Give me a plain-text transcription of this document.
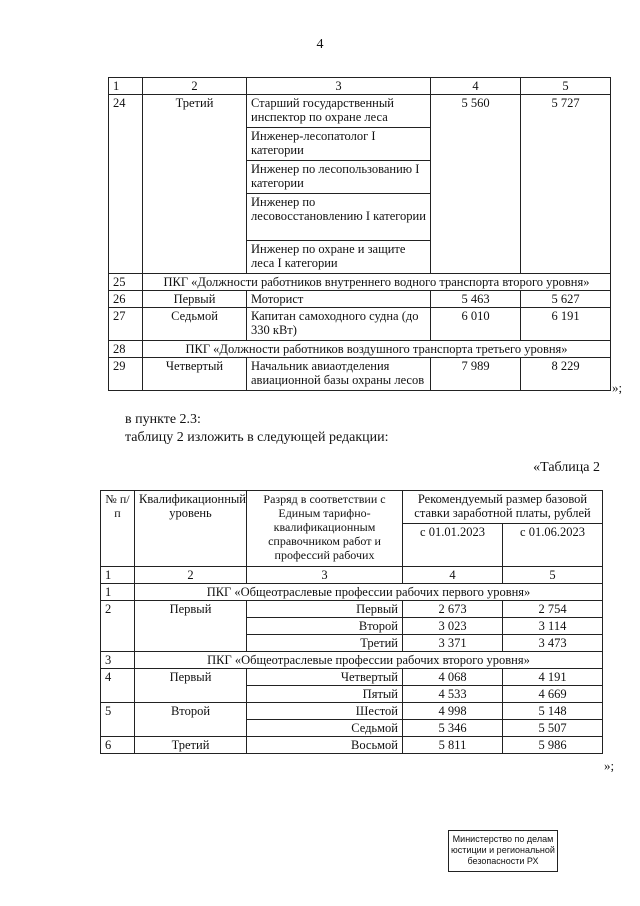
4
1	2	3	4	5
24	Третий	Старший государственный инспектор по охране леса	5 560	5 727
		Инженер-лесопатолог I категории		
		Инженер по лесопользованию I категории		
		Инженер по лесовосстановлению I категории		
		Инженер по охране и защите леса I категории		
25	ПКГ «Должности работников внутреннего водного транспорта второго уровня»			
26	Первый	Моторист	5 463	5 627
27	Седьмой	Капитан самоходного судна (до 330 кВт)	6 010	6 191
28	ПКГ «Должности работников воздушного транспорта третьего уровня»			
29	Четвертый	Начальник авиаотделения авиационной базы охраны лесов	7 989	8 229
»;
в пункте 2.3:
таблицу 2 изложить в следующей редакции:
«Таблица 2
№ п/п	Квалификационный уровень	Разряд в соответствии с Единым тарифно-квалификационным справочником работ и профессий рабочих	Рекомендуемый размер базовой ставки заработной платы, рублей	
			с 01.01.2023	с 01.06.2023
1	2	3	4	5
1	ПКГ «Общеотраслевые профессии рабочих первого уровня»			
2	Первый	Первый	2 673	2 754
		Второй	3 023	3 114
		Третий	3 371	3 473
3	ПКГ «Общеотраслевые профессии рабочих второго уровня»			
4	Первый	Четвертый	4 068	4 191
		Пятый	4 533	4 669
5	Второй	Шестой	4 998	5 148
		Седьмой	5 346	5 507
6	Третий	Восьмой	5 811	5 986
»;
Министерство по делам
юстиции и региональной
безопасности РХ
